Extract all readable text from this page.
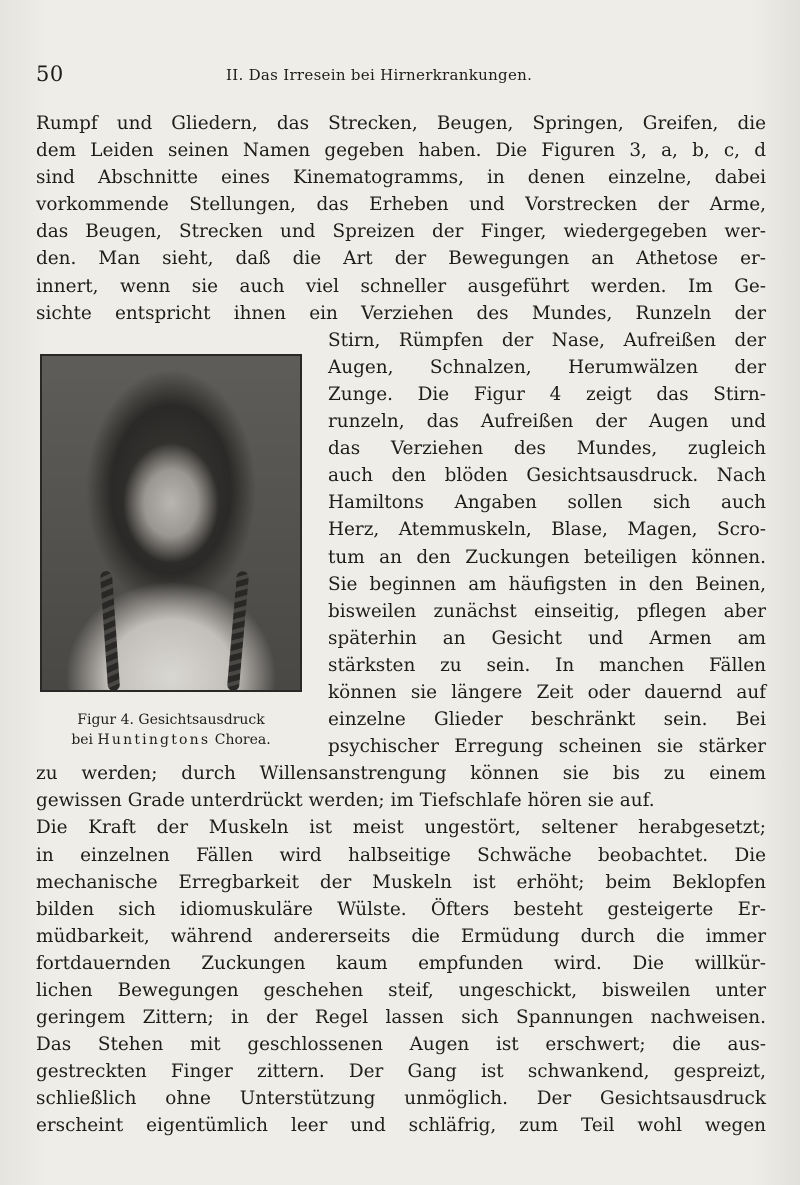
50	II. Das Irresein bei Hirnerkrankungen.
Figur 4. Gesichtsausdruck
bei Huntingtons Chorea.
Rumpf und Gliedern, das Strecken, Beugen, Springen, Greifen, die
dem Leiden seinen Namen gegeben haben. Die Figuren 3, a, b, c, d
sind Abschnitte eines Kinematogramms, in denen einzelne, dabei
vorkommende Stellungen, das Erheben und Vorstrecken der Arme,
das Beugen, Strecken und Spreizen der Finger, wiedergegeben wer-
den. Man sieht, daß die Art der Bewegungen an Athetose er-
innert, wenn sie auch viel schneller ausgeführt werden. Im Ge-
sichte entspricht ihnen ein Verziehen des Mundes, Runzeln der
Stirn, Rümpfen der Nase, Aufreißen der
Augen, Schnalzen, Herumwälzen der
Zunge. Die Figur 4 zeigt das Stirn-
runzeln, das Aufreißen der Augen und
das Verziehen des Mundes, zugleich
auch den blöden Gesichtsausdruck. Nach
Hamiltons Angaben sollen sich auch
Herz, Atemmuskeln, Blase, Magen, Scro-
tum an den Zuckungen beteiligen können.
Sie beginnen am häufigsten in den Beinen,
bisweilen zunächst einseitig, pflegen aber
späterhin an Gesicht und Armen am
stärksten zu sein. In manchen Fällen
können sie längere Zeit oder dauernd auf
einzelne Glieder beschränkt sein. Bei
psychischer Erregung scheinen sie stärker
zu werden; durch Willensanstrengung können sie bis zu einem
gewissen Grade unterdrückt werden; im Tiefschlafe hören sie auf.
Die Kraft der Muskeln ist meist ungestört, seltener herabgesetzt;
in einzelnen Fällen wird halbseitige Schwäche beobachtet. Die
mechanische Erregbarkeit der Muskeln ist erhöht; beim Beklopfen
bilden sich idiomuskuläre Wülste. Öfters besteht gesteigerte Er-
müdbarkeit, während andererseits die Ermüdung durch die immer
fortdauernden Zuckungen kaum empfunden wird. Die willkür-
lichen Bewegungen geschehen steif, ungeschickt, bisweilen unter
geringem Zittern; in der Regel lassen sich Spannungen nachweisen.
Das Stehen mit geschlossenen Augen ist erschwert; die aus-
gestreckten Finger zittern. Der Gang ist schwankend, gespreizt,
schließlich ohne Unterstützung unmöglich. Der Gesichtsausdruck
erscheint eigentümlich leer und schläfrig, zum Teil wohl wegen
